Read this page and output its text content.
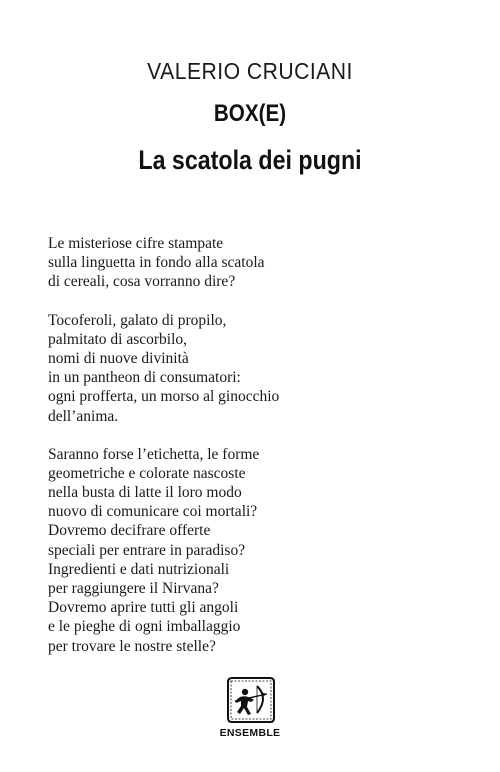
VALERIO CRUCIANI
BOX(E)
La scatola dei pugni
Le misteriose cifre stampate
sulla linguetta in fondo alla scatola
di cereali, cosa vorranno dire?
Tocoferoli, galato di propilo,
palmitato di ascorbilo,
nomi di nuove divinità
in un pantheon di consumatori:
ogni profferta, un morso al ginocchio
dell’anima.
Saranno forse l’etichetta, le forme
geometriche e colorate nascoste
nella busta di latte il loro modo
nuovo di comunicare coi mortali?
Dovremo decifrare offerte
speciali per entrare in paradiso?
Ingredienti e dati nutrizionali
per raggiungere il Nirvana?
Dovremo aprire tutti gli angoli
e le pieghe di ogni imballaggio
per trovare le nostre stelle?
ENSEMBLE
